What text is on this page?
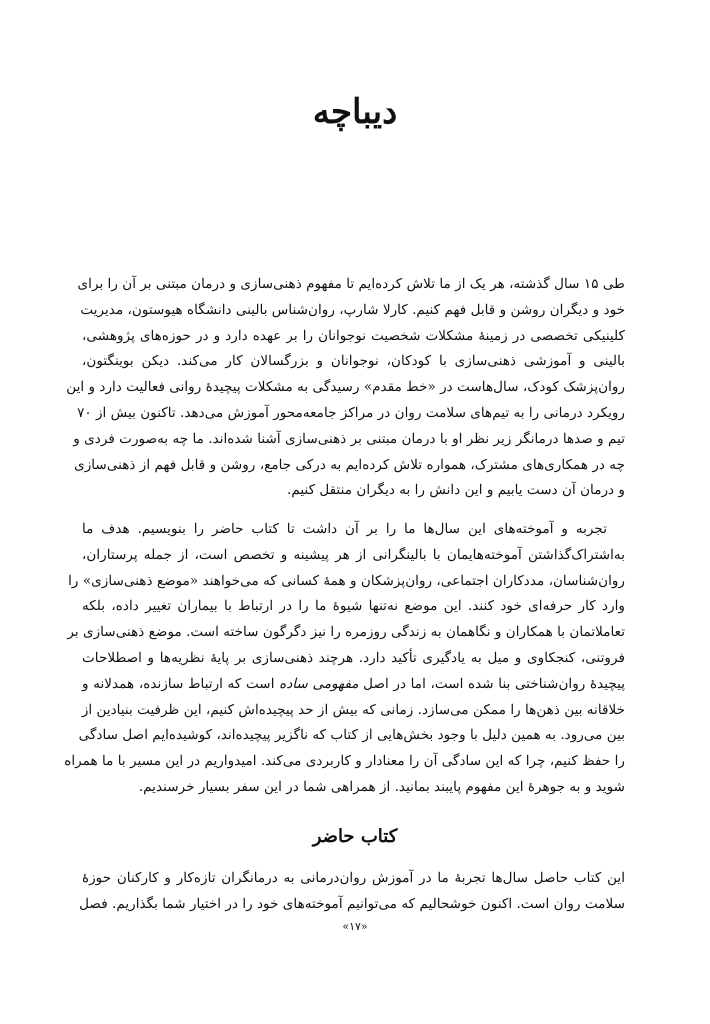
دیباچه
طی ۱۵ سال گذشته، هر یک از ما تلاش کرده‌ایم تا مفهوم ذهنی‌سازی و درمان مبتنی بر آن را برای
خود و دیگران روشن و قابل فهم کنیم. کارلا شارپ، روان‌شناس بالینی دانشگاه هیوستون، مدیریت
کلینیکی تخصصی در زمینهٔ مشکلات شخصیت نوجوانان را بر عهده دارد و در حوزه‌های پژوهشی،
بالینی و آموزشی ذهنی‌سازی با کودکان، نوجوانان و بزرگسالان کار می‌کند. دیکن بوینگتون،
روان‌پزشک کودک، سال‌هاست در «خط مقدم» رسیدگی به مشکلات پیچیدهٔ روانی فعالیت دارد و این
رویکرد درمانی را به تیم‌های سلامت روان در مراکز جامعه‌محور آموزش می‌دهد. تاکنون بیش از ۷۰
تیم و صدها درمانگر زیر نظر او با درمان مبتنی بر ذهنی‌سازی آشنا شده‌اند. ما چه به‌صورت فردی و
چه در همکاری‌های مشترک، همواره تلاش کرده‌ایم به درکی جامع، روشن و قابل فهم از ذهنی‌سازی
و درمان آن دست یابیم و این دانش را به دیگران منتقل کنیم.
تجربه و آموخته‌های این سال‌ها ما را بر آن داشت تا کتاب حاضر را بنویسیم. هدف ما
به‌اشتراک‌گذاشتن آموخته‌هایمان با بالینگرانی از هر پیشینه و تخصص است، از جمله پرستاران،
روان‌شناسان، مددکاران اجتماعی، روان‌پزشکان و همهٔ کسانی که می‌خواهند «موضع ذهنی‌سازی» را
وارد کار حرفه‌ای خود کنند. این موضع نه‌تنها شیوهٔ ما را در ارتباط با بیماران تغییر داده، بلکه
تعاملاتمان با همکاران و نگاهمان به زندگی روزمره را نیز دگرگون ساخته است. موضع ذهنی‌سازی بر
فروتنی، کنجکاوی و میل به یادگیری تأکید دارد. هرچند ذهنی‌سازی بر پایهٔ نظریه‌ها و اصطلاحات
پیچیدهٔ روان‌شناختی بنا شده است، اما در اصل مفهومی ساده است که ارتباط سازنده، همدلانه و
خلاقانه بین ذهن‌ها را ممکن می‌سازد. زمانی که بیش از حد پیچیده‌اش کنیم، این ظرفیت بنیادین از
بین می‌رود. به همین دلیل با وجود بخش‌هایی از کتاب که ناگزیر پیچیده‌اند، کوشیده‌ایم اصل سادگی
را حفظ کنیم، چرا که این سادگی آن را معنادار و کاربردی می‌کند. امیدواریم در این مسیر با ما همراه
شوید و به جوهرهٔ این مفهوم پایبند بمانید. از همراهی شما در این سفر بسیار خرسندیم.
کتاب حاضر
این کتاب حاصل سال‌ها تجربهٔ ما در آموزش روان‌درمانی به درمانگران تازه‌کار و کارکنان حوزهٔ
سلامت روان است. اکنون خوشحالیم که می‌توانیم آموخته‌های خود را در اختیار شما بگذاریم. فصل
«۱۷»
